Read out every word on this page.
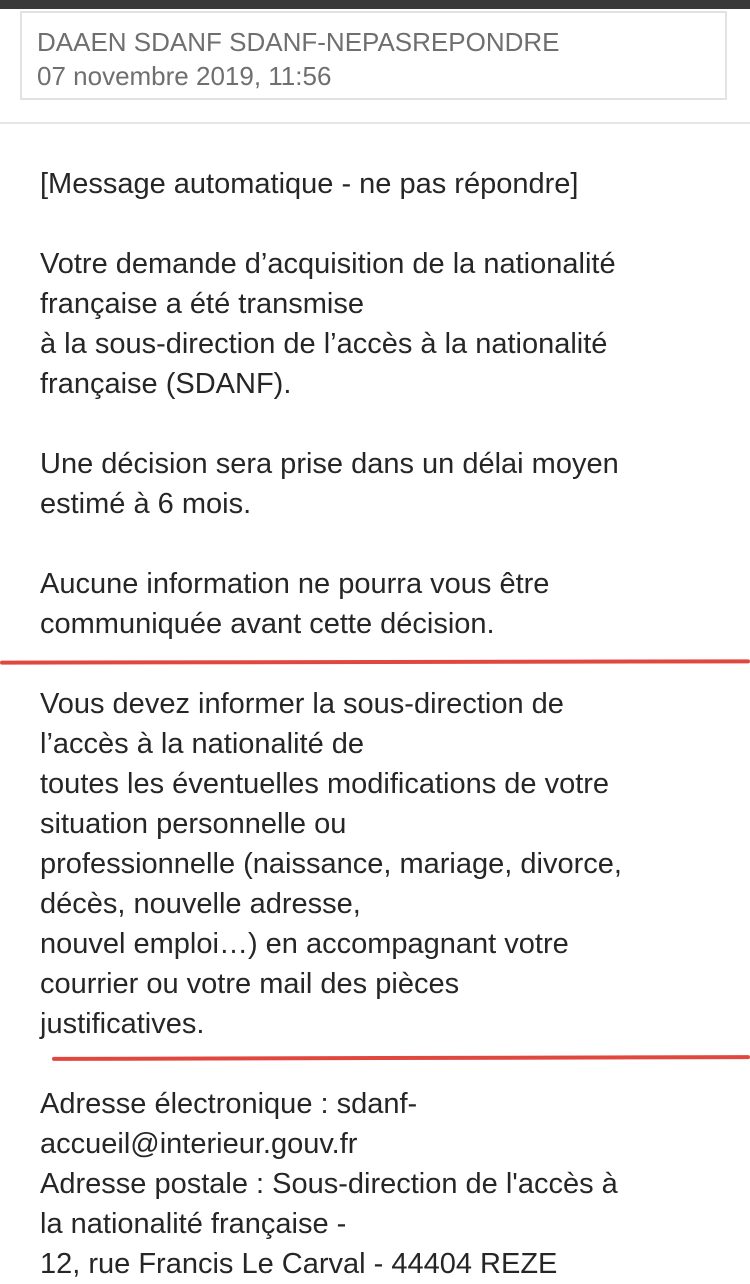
DAAEN SDANF SDANF-NEPASREPONDRE
07 novembre 2019, 11:56
[Message automatique - ne pas répondre]
Votre demande d’acquisition de la nationalité
française a été transmise
à la sous-direction de l’accès à la nationalité
française (SDANF).
Une décision sera prise dans un délai moyen
estimé à 6 mois.
Aucune information ne pourra vous être
communiquée avant cette décision.
Vous devez informer la sous-direction de
l’accès à la nationalité de
toutes les éventuelles modifications de votre
situation personnelle ou
professionnelle (naissance, mariage, divorce,
décès, nouvelle adresse,
nouvel emploi…) en accompagnant votre
courrier ou votre mail des pièces
justificatives.
Adresse électronique : sdanf-
accueil@interieur.gouv.fr
Adresse postale : Sous-direction de l'accès à
la nationalité française -
12, rue Francis Le Carval - 44404 REZE
